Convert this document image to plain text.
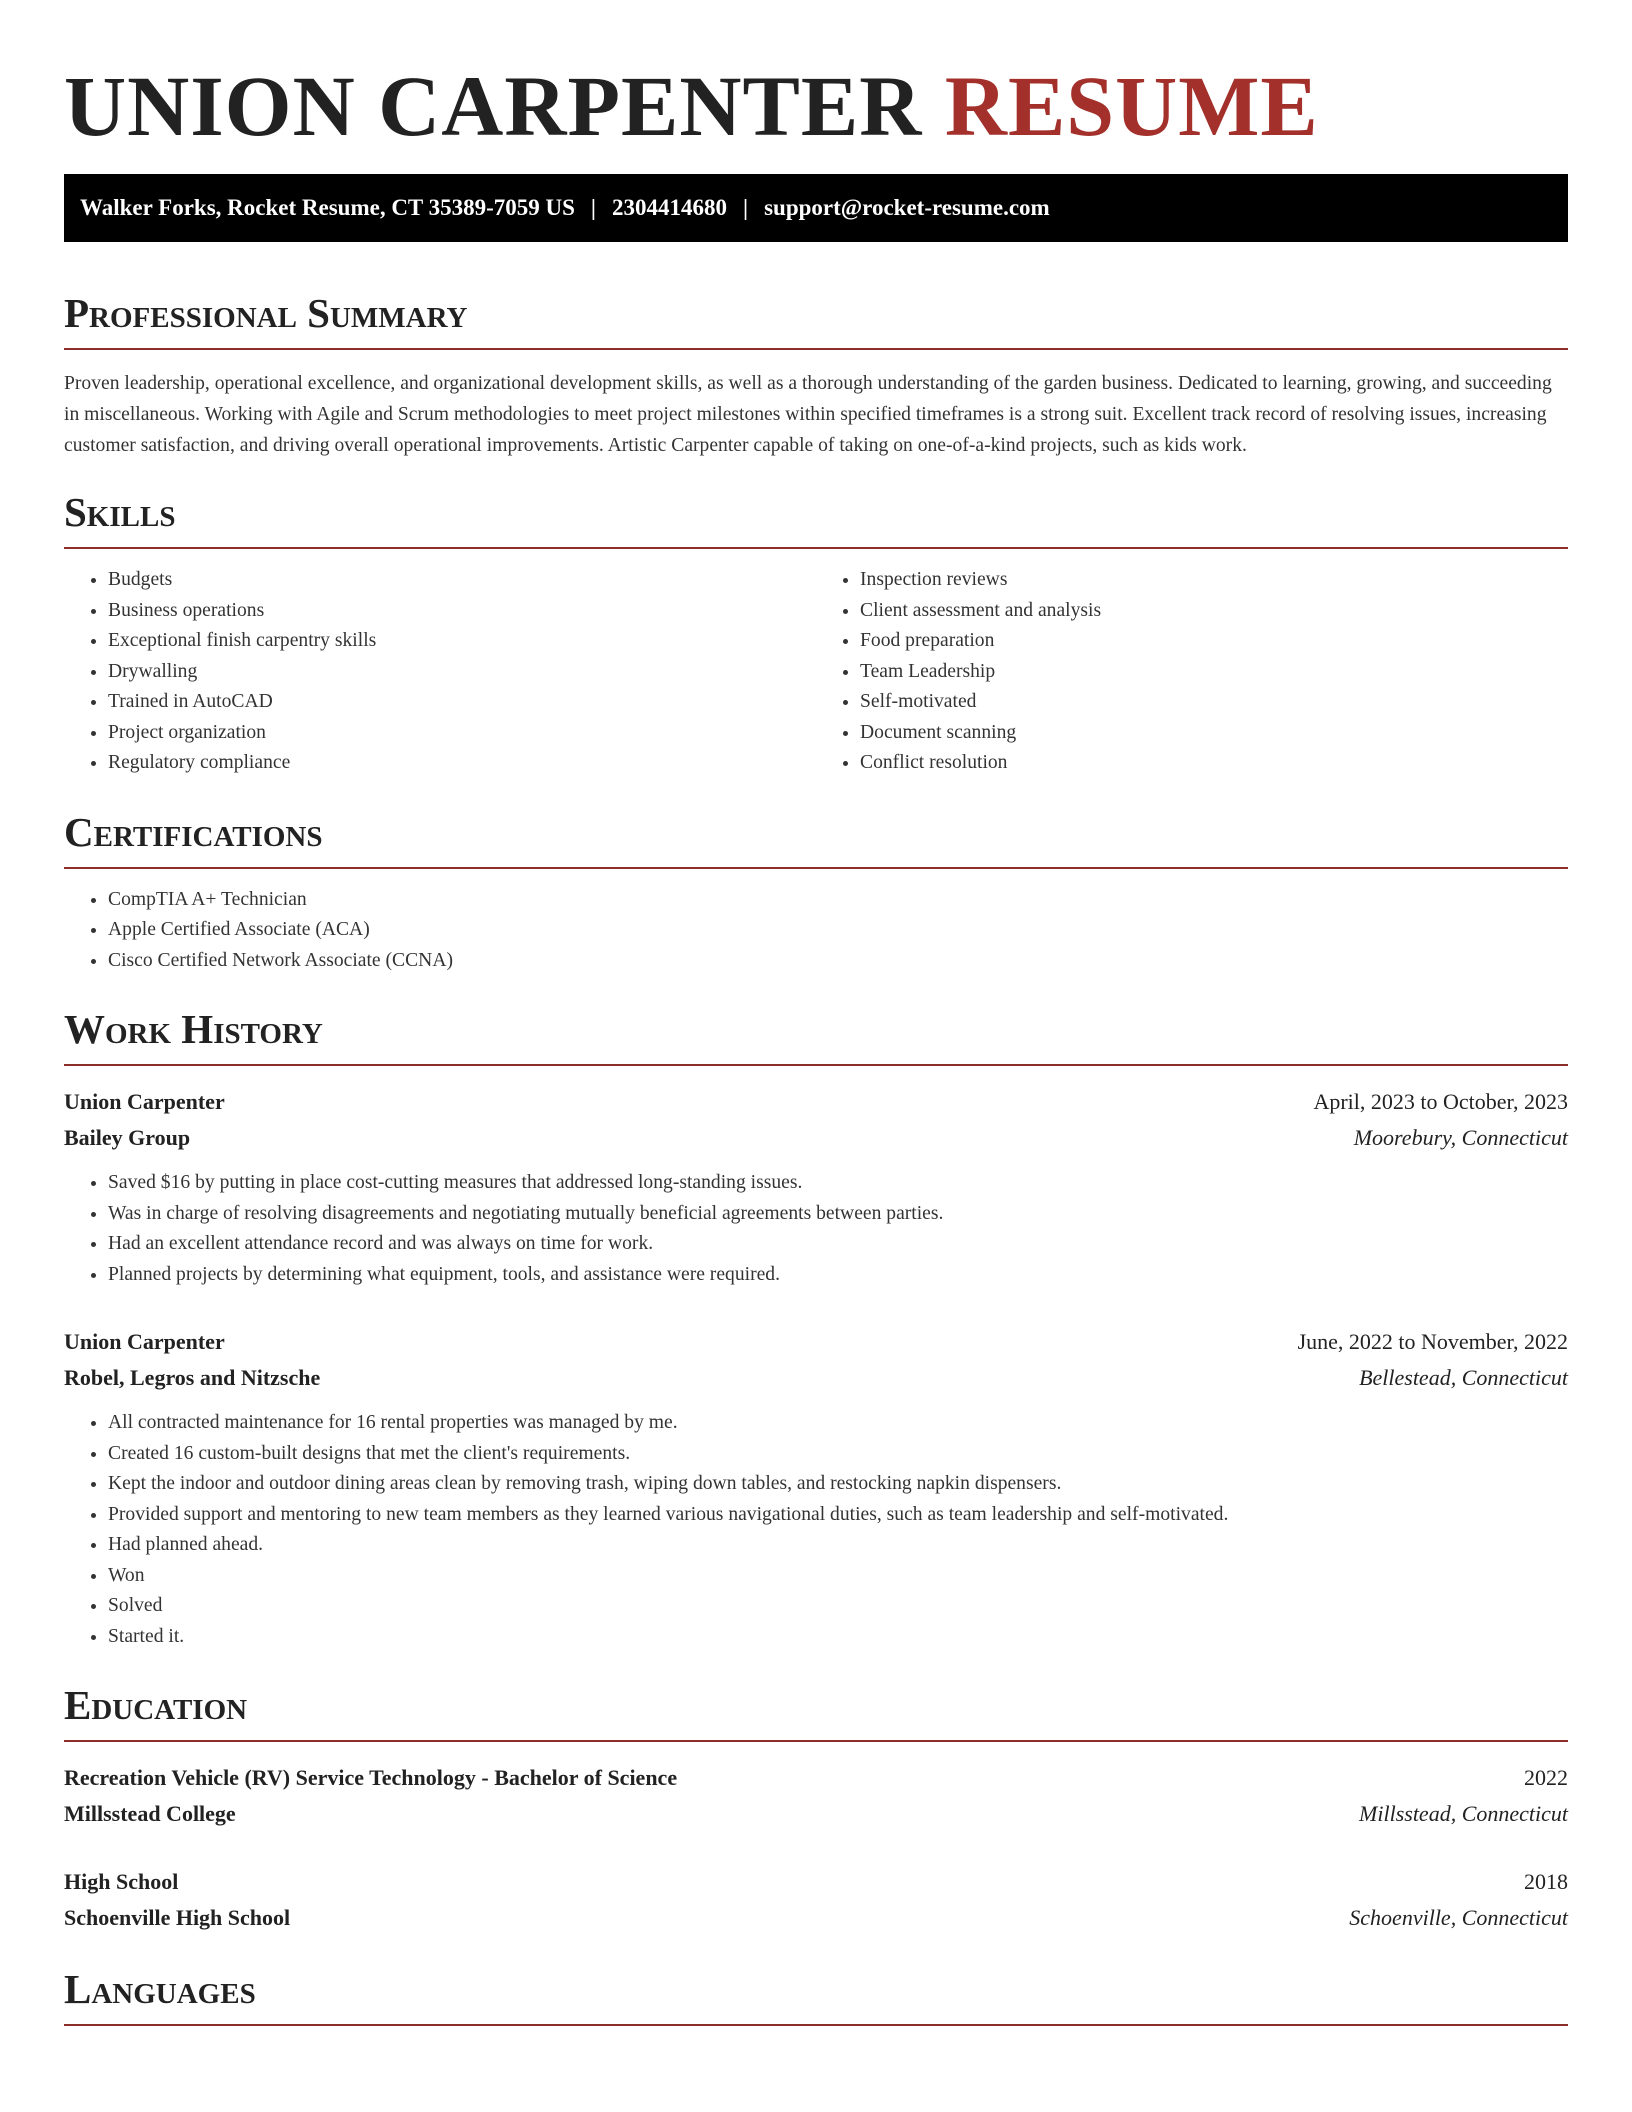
UNION CARPENTER RESUME
Walker Forks, Rocket Resume, CT 35389-7059 US | 2304414680 | support@rocket-resume.com
Professional Summary

Proven leadership, operational excellence, and organizational development skills, as well as a thorough understanding of the garden business. Dedicated to learning, growing, and succeeding in miscellaneous. Working with Agile and Scrum methodologies to meet project milestones within specified timeframes is a strong suit. Excellent track record of resolving issues, increasing customer satisfaction, and driving overall operational improvements. Artistic Carpenter capable of taking on one-of-a-kind projects, such as kids work.

Skills
• Budgets
• Business operations
• Exceptional finish carpentry skills
• Drywalling
• Trained in AutoCAD
• Project organization
• Regulatory compliance
• Inspection reviews
• Client assessment and analysis
• Food preparation
• Team Leadership
• Self-motivated
• Document scanning
• Conflict resolution
Certifications
• CompTIA A+ Technician
• Apple Certified Associate (ACA)
• Cisco Certified Network Associate (CCNA)
Work History
Union Carpenter	April, 2023 to October, 2023
Bailey Group	Moorebury, Connecticut
• Saved $16 by putting in place cost-cutting measures that addressed long-standing issues.
• Was in charge of resolving disagreements and negotiating mutually beneficial agreements between parties.
• Had an excellent attendance record and was always on time for work.
• Planned projects by determining what equipment, tools, and assistance were required.
Union Carpenter	June, 2022 to November, 2022
Robel, Legros and Nitzsche	Bellestead, Connecticut
• All contracted maintenance for 16 rental properties was managed by me.
• Created 16 custom-built designs that met the client's requirements.
• Kept the indoor and outdoor dining areas clean by removing trash, wiping down tables, and restocking napkin dispensers.
• Provided support and mentoring to new team members as they learned various navigational duties, such as team leadership and self-motivated.
• Had planned ahead.
• Won
• Solved
• Started it.
Education
Recreation Vehicle (RV) Service Technology - Bachelor of Science	2022
Millsstead College	Millsstead, Connecticut
High School	2018
Schoenville High School	Schoenville, Connecticut
Languages
